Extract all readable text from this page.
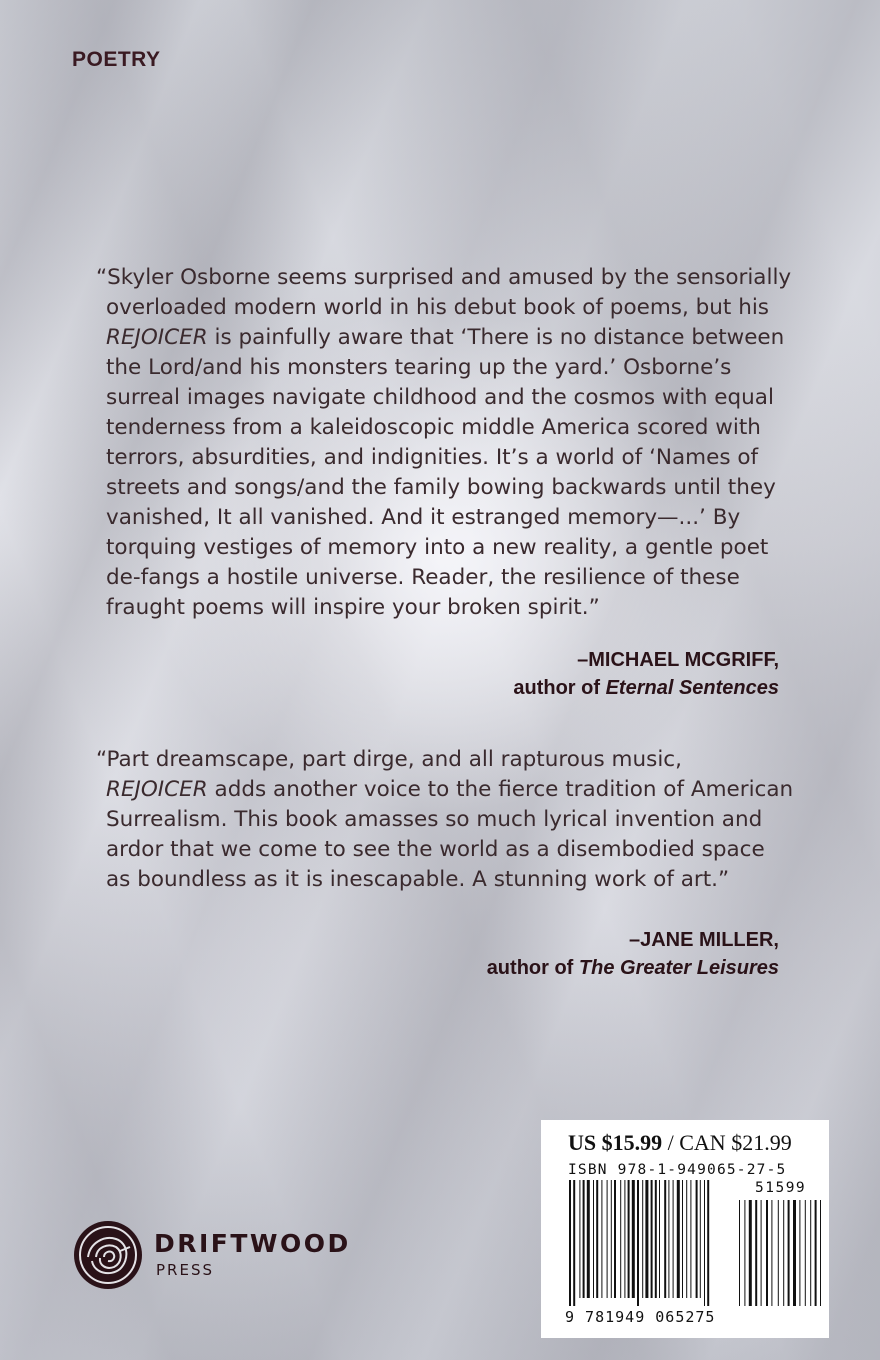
POETRY
“Skyler Osborne seems surprised and amused by the sensorially
overloaded modern world in his debut book of poems, but his
REJOICER is painfully aware that ‘There is no distance between
the Lord/and his monsters tearing up the yard.’ Osborne’s
surreal images navigate childhood and the cosmos with equal
tenderness from a kaleidoscopic middle America scored with
terrors, absurdities, and indignities. It’s a world of ‘Names of
streets and songs/and the family bowing backwards until they
vanished, It all vanished. And it estranged memory—...’ By
torquing vestiges of memory into a new reality, a gentle poet
de-fangs a hostile universe. Reader, the resilience of these
fraught poems will inspire your broken spirit.”
–MICHAEL MCGRIFF,
author of Eternal Sentences
“Part dreamscape, part dirge, and all rapturous music,
REJOICER adds another voice to the fierce tradition of American
Surrealism. This book amasses so much lyrical invention and
ardor that we come to see the world as a disembodied space
as boundless as it is inescapable. A stunning work of art.”
–JANE MILLER,
author of The Greater Leisures
DRIFTWOOD
PRESS
US $15.99 / CAN $21.99
ISBN 978-1-949065-27-5
51599
9 781949 065275
